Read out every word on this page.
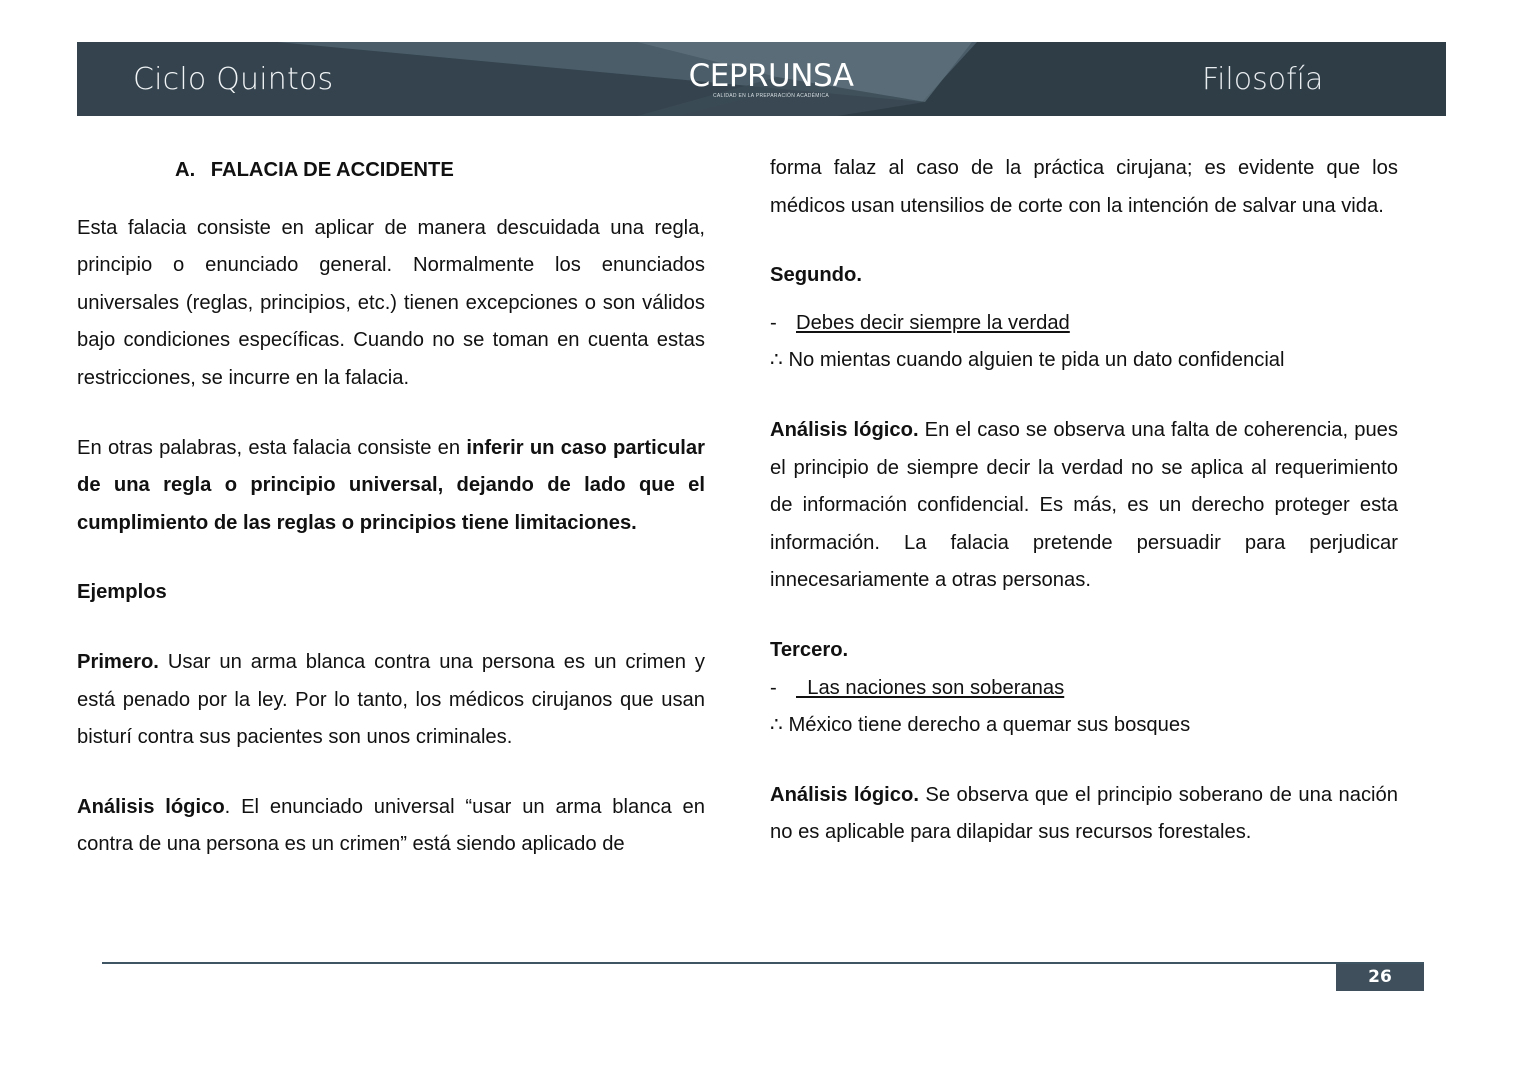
Ciclo Quintos	CEPRUNSA
CALIDAD EN LA PREPARACIÓN ACADÉMICA	Filosofía
A. FALACIA DE ACCIDENTE

Esta falacia consiste en aplicar de manera descuidada una regla, principio o enunciado general. Normalmente los enunciados universales (reglas, principios, etc.) tienen excepciones o son válidos bajo condiciones específicas. Cuando no se toman en cuenta estas restricciones, se incurre en la falacia.

En otras palabras, esta falacia consiste en inferir un caso particular de una regla o principio universal, dejando de lado que el cumplimiento de las reglas o principios tiene limitaciones.

Ejemplos

Primero. Usar un arma blanca contra una persona es un crimen y está penado por la ley. Por lo tanto, los médicos cirujanos que usan bisturí contra sus pacientes son unos criminales.

Análisis lógico. El enunciado universal “usar un arma blanca en contra de una persona es un crimen” está siendo aplicado de

forma falaz al caso de la práctica cirujana; es evidente que los médicos usan utensilios de corte con la intención de salvar una vida.

Segundo.

- Debes decir siempre la verdad
∴ No mientas cuando alguien te pida un dato confidencial

Análisis lógico. En el caso se observa una falta de coherencia, pues el principio de siempre decir la verdad no se aplica al requerimiento de información confidencial. Es más, es un derecho proteger esta información. La falacia pretende persuadir para perjudicar innecesariamente a otras personas.

Tercero.

-  Las naciones son soberanas
∴ México tiene derecho a quemar sus bosques

Análisis lógico. Se observa que el principio soberano de una nación no es aplicable para dilapidar sus recursos forestales.

26
